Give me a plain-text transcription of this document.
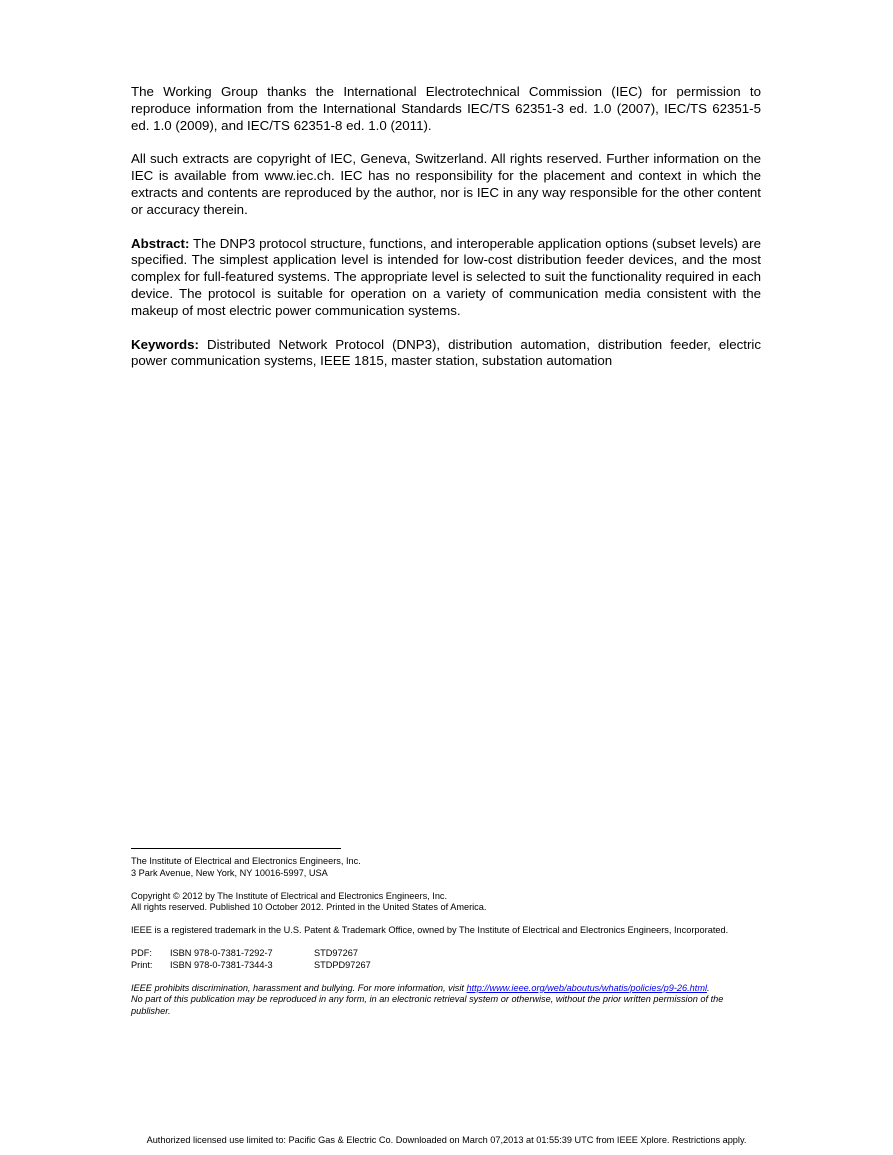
The Working Group thanks the International Electrotechnical Commission (IEC) for permission to reproduce information from the International Standards IEC/TS 62351-3 ed. 1.0 (2007), IEC/TS 62351-5 ed. 1.0 (2009), and IEC/TS 62351-8 ed. 1.0 (2011).

All such extracts are copyright of IEC, Geneva, Switzerland. All rights reserved. Further information on the IEC is available from www.iec.ch. IEC has no responsibility for the placement and context in which the extracts and contents are reproduced by the author, nor is IEC in any way responsible for the other content or accuracy therein.

Abstract: The DNP3 protocol structure, functions, and interoperable application options (subset levels) are specified. The simplest application level is intended for low-cost distribution feeder devices, and the most complex for full-featured systems. The appropriate level is selected to suit the functionality required in each device. The protocol is suitable for operation on a variety of communication media consistent with the makeup of most electric power communication systems.

Keywords: Distributed Network Protocol (DNP3), distribution automation, distribution feeder, electric power communication systems, IEEE 1815, master station, substation automation

The Institute of Electrical and Electronics Engineers, Inc.

3 Park Avenue, New York, NY 10016-5997, USA

Copyright © 2012 by The Institute of Electrical and Electronics Engineers, Inc.

All rights reserved. Published 10 October 2012. Printed in the United States of America.

IEEE is a registered trademark in the U.S. Patent & Trademark Office, owned by The Institute of Electrical and Electronics Engineers, Incorporated.

PDF:	ISBN 978-0-7381-7292-7	STD97267
Print:	ISBN 978-0-7381-7344-3	STDPD97267

IEEE prohibits discrimination, harassment and bullying. For more information, visit http://www.ieee.org/web/aboutus/whatis/policies/p9-26.html.

No part of this publication may be reproduced in any form, in an electronic retrieval system or otherwise, without the prior written permission of the publisher.

Authorized licensed use limited to: Pacific Gas & Electric Co. Downloaded on March 07,2013 at 01:55:39 UTC from IEEE Xplore. Restrictions apply.
